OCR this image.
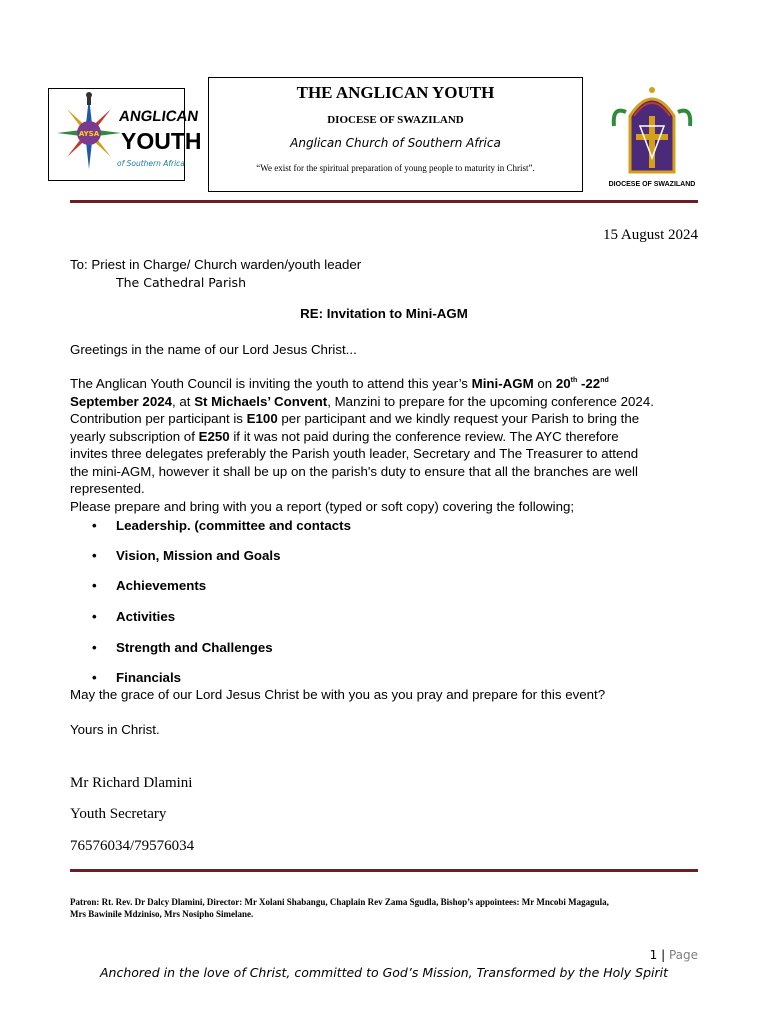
AYSA
ANGLICAN
YOUTH
of Southern Africa
THE ANGLICAN YOUTH
DIOCESE OF SWAZILAND
Anglican Church of Southern Africa
“We exist for the spiritual preparation of young people to maturity in Christ”.
DIOCESE OF SWAZILAND
15 August 2024
To: Priest in Charge/ Church warden/youth leader
The Cathedral Parish
RE: Invitation to Mini-AGM
Greetings in the name of our Lord Jesus Christ...
The Anglican Youth Council is inviting the youth to attend this year’s Mini-AGM on 20th -22nd
September 2024, at St Michaels’ Convent, Manzini to prepare for the upcoming conference 2024.
Contribution per participant is E100 per participant and we kindly request your Parish to bring the
yearly subscription of E250 if it was not paid during the conference review. The AYC therefore
invites three delegates preferably the Parish youth leader, Secretary and The Treasurer to attend
the mini-AGM, however it shall be up on the parish's duty to ensure that all the branches are well
represented.
Please prepare and bring with you a report (typed or soft copy) covering the following;
• Leadership. (committee and contacts
• Vision, Mission and Goals
• Achievements
• Activities
• Strength and Challenges
• Financials
May the grace of our Lord Jesus Christ be with you as you pray and prepare for this event?
Yours in Christ.
Mr Richard Dlamini
Youth Secretary
76576034/79576034
Patron: Rt. Rev. Dr Dalcy Dlamini, Director: Mr Xolani Shabangu, Chaplain Rev Zama Sgudla, Bishop’s appointees: Mr Mncobi Magagula,
Mrs Bawinile Mdziniso, Mrs Nosipho Simelane.
1 | Page
Anchored in the love of Christ, committed to God’s Mission, Transformed by the Holy Spirit
